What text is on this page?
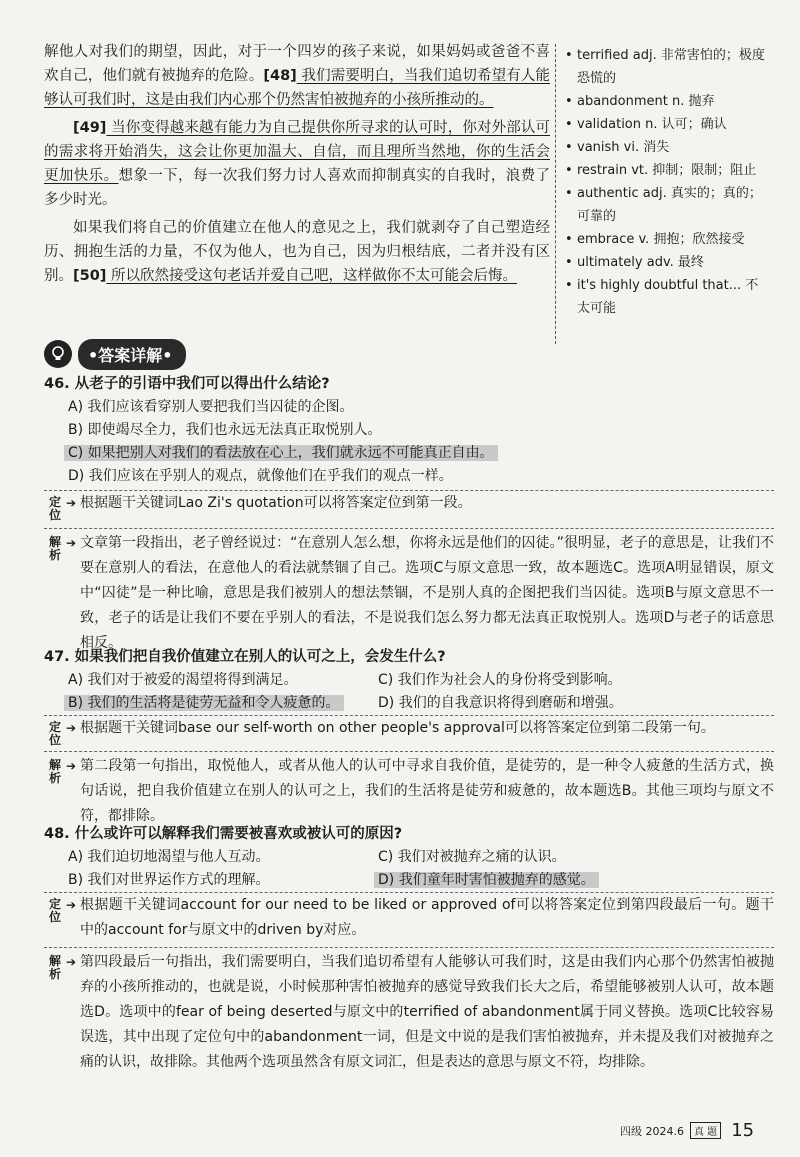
解他人对我们的期望，因此，对于一个四岁的孩子来说，如果妈妈或爸爸不喜欢自己，他们就有被抛弃的危险。[48] 我们需要明白，当我们追切希望有人能够认可我们时，这是由我们内心那个仍然害怕被抛弃的小孩所推动的。

[49] 当你变得越来越有能力为自己提供你所寻求的认可时，你对外部认可的需求将开始消失，这会让你更加温大、自信，而且理所当然地，你的生活会更加快乐。想象一下，每一次我们努力讨人喜欢而抑制真实的自我时，浪费了多少时光。

如果我们将自己的价值建立在他人的意见之上，我们就剥夺了自己塑造经历、拥抱生活的力量，不仅为他人，也为自己，因为归根结底，二者并没有区别。[50] 所以欣然接受这句老话并爱自己吧，这样做你不太可能会后悔。

• terrified adj. 非常害怕的；极度恐慌的
• abandonment n. 抛弃
• validation n. 认可；确认
• vanish vi. 消失
• restrain vt. 抑制；限制；阻止
• authentic adj. 真实的；真的；可靠的
• embrace v. 拥抱；欣然接受
• ultimately adv. 最终
• it's highly doubtful that... 不太可能
•答案详解•
46. 从老子的引语中我们可以得出什么结论?
A) 我们应该看穿别人要把我们当囚徒的企图。
B) 即使竭尽全力，我们也永远无法真正取悦别人。
C) 如果把别人对我们的看法放在心上，我们就永远不可能真正自由。
D) 我们应该在乎别人的观点，就像他们在乎我们的观点一样。
定
位
➔ 根据题干关键词Lao Zi's quotation可以将答案定位到第一段。
解
析
➔ 文章第一段指出，老子曾经说过：“在意别人怎么想，你将永远是他们的囚徒。”很明显，老子的意思是，让我们不要在意别人的看法，在意他人的看法就禁锢了自己。选项C与原文意思一致，故本题选C。选项A明显错误，原文中“囚徒”是一种比喻，意思是我们被别人的想法禁锢，不是别人真的企图把我们当囚徒。选项B与原文意思不一致，老子的话是让我们不要在乎别人的看法，不是说我们怎么努力都无法真正取悦别人。选项D与老子的话意思相反。
47. 如果我们把自我价值建立在别人的认可之上，会发生什么?
A) 我们对于被爱的渴望将得到满足。	C) 我们作为社会人的身份将受到影响。
B) 我们的生活将是徒劳无益和令人疲惫的。	D) 我们的自我意识将得到磨砺和增强。
定
位
➔ 根据题干关键词base our self-worth on other people's approval可以将答案定位到第二段第一句。
解
析
➔ 第二段第一句指出，取悦他人，或者从他人的认可中寻求自我价值，是徒劳的，是一种令人疲惫的生活方式，换句话说，把自我价值建立在别人的认可之上，我们的生活将是徒劳和疲惫的，故本题选B。其他三项均与原文不符，都排除。
48. 什么或许可以解释我们需要被喜欢或被认可的原因?
A) 我们迫切地渴望与他人互动。	C) 我们对被抛弃之痛的认识。
B) 我们对世界运作方式的理解。	D) 我们童年时害怕被抛弃的感觉。
定
位
➔ 根据题干关键词account for our need to be liked or approved of可以将答案定位到第四段最后一句。题干中的account for与原文中的driven by对应。
解
析
➔ 第四段最后一句指出，我们需要明白，当我们追切希望有人能够认可我们时，这是由我们内心那个仍然害怕被抛弃的小孩所推动的，也就是说，小时候那种害怕被抛弃的感觉导致我们长大之后，希望能够被别人认可，故本题选D。选项中的fear of being deserted与原文中的terrified of abandonment属于同义替换。选项C比较容易误选，其中出现了定位句中的abandonment一词，但是文中说的是我们害怕被抛弃，并未提及我们对被抛弃之痛的认识，故排除。其他两个选项虽然含有原文词汇，但是表达的意思与原文不符，均排除。
四级 2024.6	真 题 15
